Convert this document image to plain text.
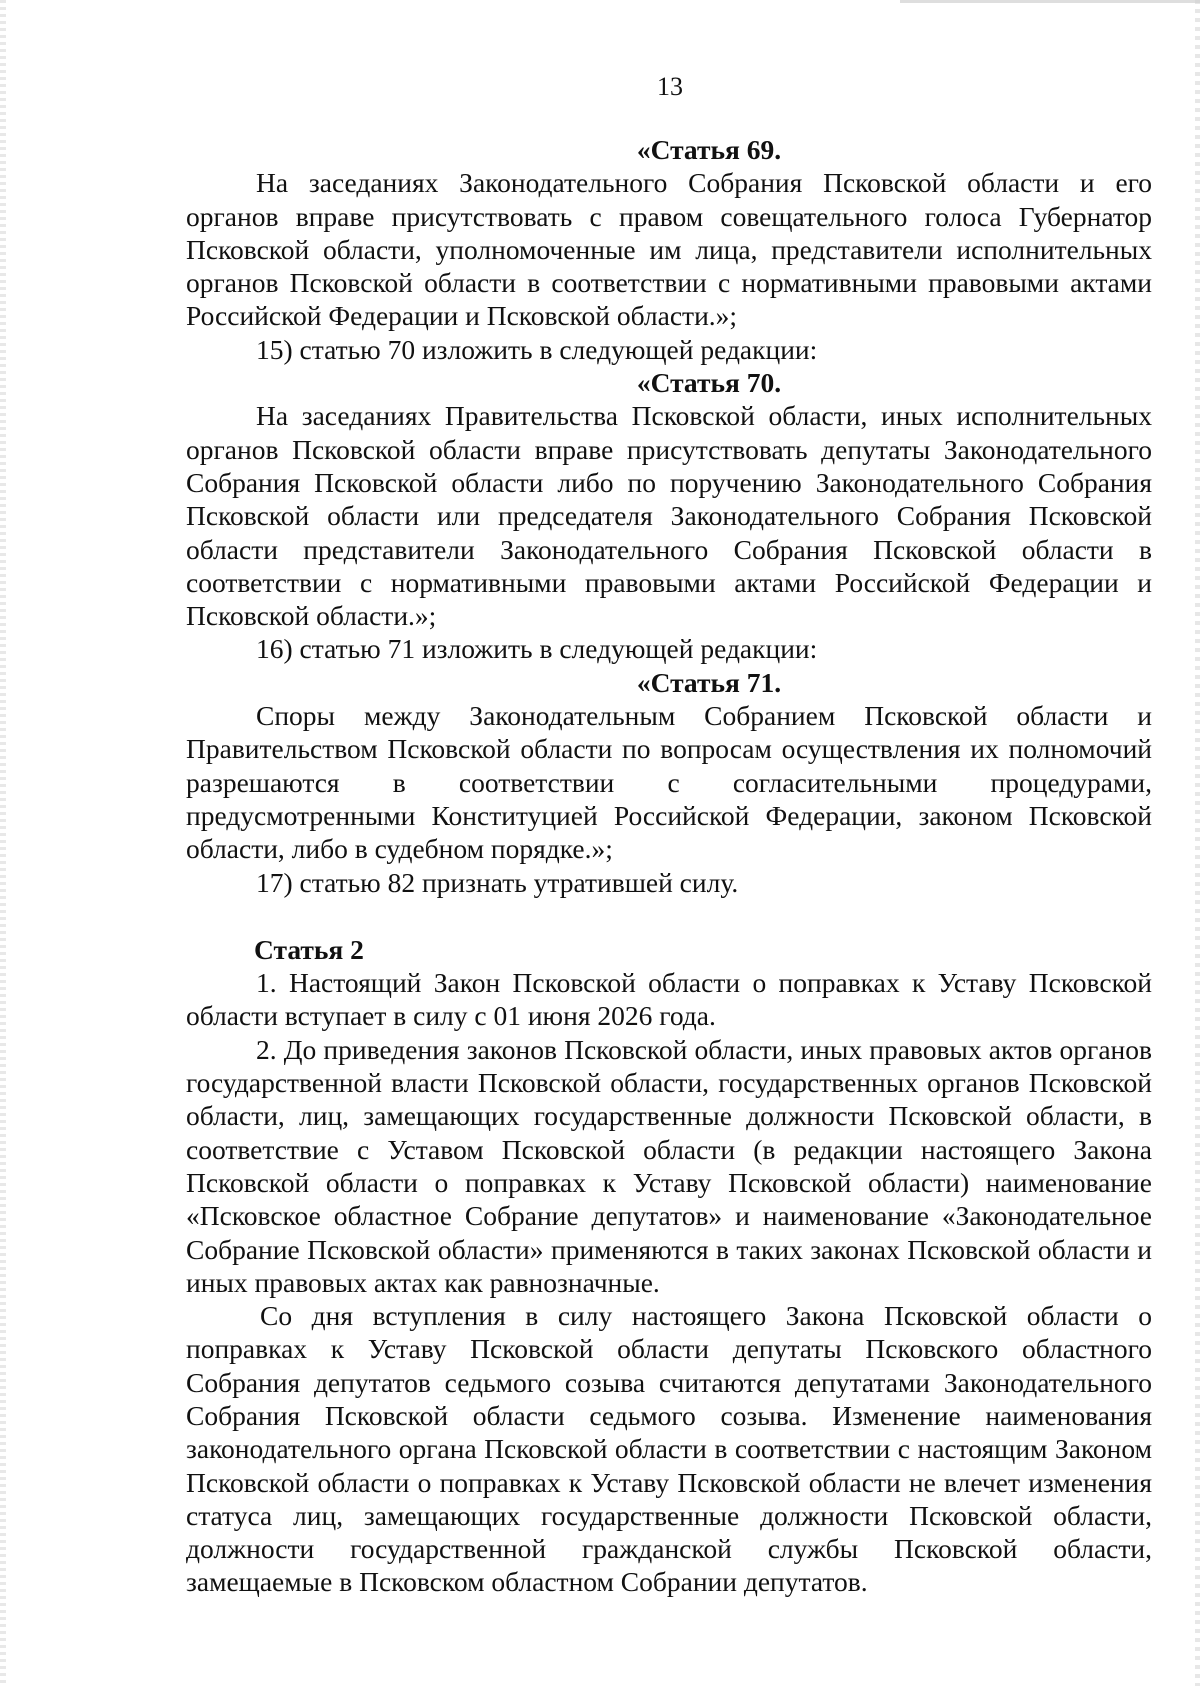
13

«Статья 69.

На заседаниях Законодательного Собрания Псковской области и его органов вправе присутствовать с правом совещательного голоса Губернатор Псковской области, уполномоченные им лица, представители исполнительных органов Псковской области в соответствии с нормативными правовыми актами Российской Федерации и Псковской области.»;

15) статью 70 изложить в следующей редакции:

«Статья 70.

На заседаниях Правительства Псковской области, иных исполнительных органов Псковской области вправе присутствовать депутаты Законодательного Собрания Псковской области либо по поручению Законодательного Собрания Псковской области или председателя Законодательного Собрания Псковской области представители Законодательного Собрания Псковской области в соответствии с нормативными правовыми актами Российской Федерации и Псковской области.»;

16) статью 71 изложить в следующей редакции:

«Статья 71.

Споры между Законодательным Собранием Псковской области и Правительством Псковской области по вопросам осуществления их полномочий разрешаются в соответствии с согласительными процедурами, предусмотренными Конституцией Российской Федерации, законом Псковской области, либо в судебном порядке.»;

17) статью 82 признать утратившей силу.

Статья 2

1. Настоящий Закон Псковской области о поправках к Уставу Псковской области вступает в силу с 01 июня 2026 года.

2. До приведения законов Псковской области, иных правовых актов органов государственной власти Псковской области, государственных органов Псковской области, лиц, замещающих государственные должности Псковской области, в соответствие с Уставом Псковской области (в редакции настоящего Закона Псковской области о поправках к Уставу Псковской области) наименование «Псковское областное Собрание депутатов» и наименование «Законодательное Собрание Псковской области» применяются в таких законах Псковской области и иных правовых актах как равнозначные.

Со дня вступления в силу настоящего Закона Псковской области о поправках к Уставу Псковской области депутаты Псковского областного Собрания депутатов седьмого созыва считаются депутатами Законодательного Собрания Псковской области седьмого созыва. Изменение наименования законодательного органа Псковской области в соответствии с настоящим Законом Псковской области о поправках к Уставу Псковской области не влечет изменения статуса лиц, замещающих государственные должности Псковской области, должности государственной гражданской службы Псковской области, замещаемые в Псковском областном Собрании депутатов.
